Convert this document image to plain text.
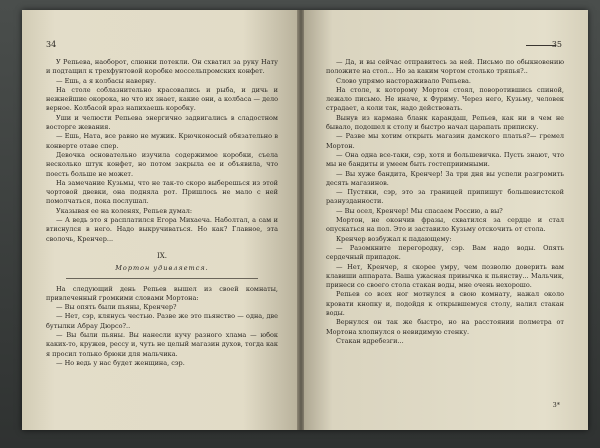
34

У Репьева, наоборот, слюнки потекли. Он схватил за руку Нату и подтащил к трехфунтовой коробке моссельпромских конфет.

— Ешь, а я колбасы наверну.

На столе соблазнительно красовались и рыба, и дичь и нежнейшие окорока, но что их знает, какие они, а колбаса — дело верное. Колбасой враз напихаешь коробку.

Уши и челюсти Репьева энергично задвигались в сладостном восторге жевания.

— Ешь, Ната, все равно не мужик. Крючконосый обязательно в конверте отаве спер.

Девочка основательно изучила содержимое коробки, съела несколько штук конфет, но потом закрыла ее и объявила, что поесть больше не может.

На замечание Кузьмы, что не так-то скоро выберешься из этой чортовой двевки, она подняла рот. Пришлось не мало с ней помолчаться, пока послушал.

Указывая ее на коленях, Репьев думал:

— А ведь это я расплатился Егора Михаеча. Наболтал, а сам и втиснулся в него. Надо выкручиваться. Но как? Главное, эта сволочь, Кренчер...

IX.
Мортон удивляется.

На следующий день Репьев вышел из своей комнаты, привлеченный громкими словами Мортона:

— Вы опять были пьяны, Кренчер?

— Нет, сэр, клянусь честью. Разве же это пьянство — одна, две бутылки Абрау Дюрсо?..

— Вы были пьяны. Вы нанесли кучу разного хлама — юбок каких-то, кружев, рессу и, чуть не целый магазин духов, тогда как я просил только брюки для мальчика.

— Но ведь у нас будет женщина, сэр.

35

— Да, и вы сейчас отправитесь за ней. Письмо по обыкновению положите на стол... Но за каким чортом столько тряпья?..

Слово упрямо настораживало Репьева.

На столе, к которому Мортон стоял, поворотившись спиной, лежало письмо. Не иначе, к Фуриму. Через него, Кузьму, человек страдает, а коли так, надо действовать.

Вынув из кармана бланк карандаш, Репьев, как ни в чем не бывало, подошел к столу и быстро начал царапать приписку.

— Разве мы хотим открыть магазин дамского платья?— гремел Мортон.

— Она одна все-таки, сэр, хотя и большевичка. Пусть знают, что мы не бандиты и умеем быть гостеприимными.

— Вы хуже бандита, Кренчер! За три дня вы успели разгромить десять магазинов.

— Пустяки, сэр, это за границей припишут большевистской разнузданности.

— Вы осел, Кренчер! Мы спасаем Россию, а вы?

Мортон, не окончив фразы, схватился за сердце и стал опускаться на пол. Это и заставило Кузьму отскочить от стола.

Кренчер возбужал к падающему:

— Разомкните перегородку, сэр. Вам надо воды. Опять сердечный припадок.

— Нет, Кренчер, я скорее умру, чем позволю доверить вам клавиши аппарата. Ваша ужасная привычка к пьянству... Мальчик, принеси со своего стола стакан воды, мне очень нехорошо.

Репьев со всех ног мотнулся в свою комнату, нажал около кровати кнопку и, подойдя к открывшемуся столу, налил стакан воды.

Вернулся он так же быстро, но на расстоянии полметра от Мортона хлопнулся о невидимую стенку.

Стакан вдребезги...

3*
